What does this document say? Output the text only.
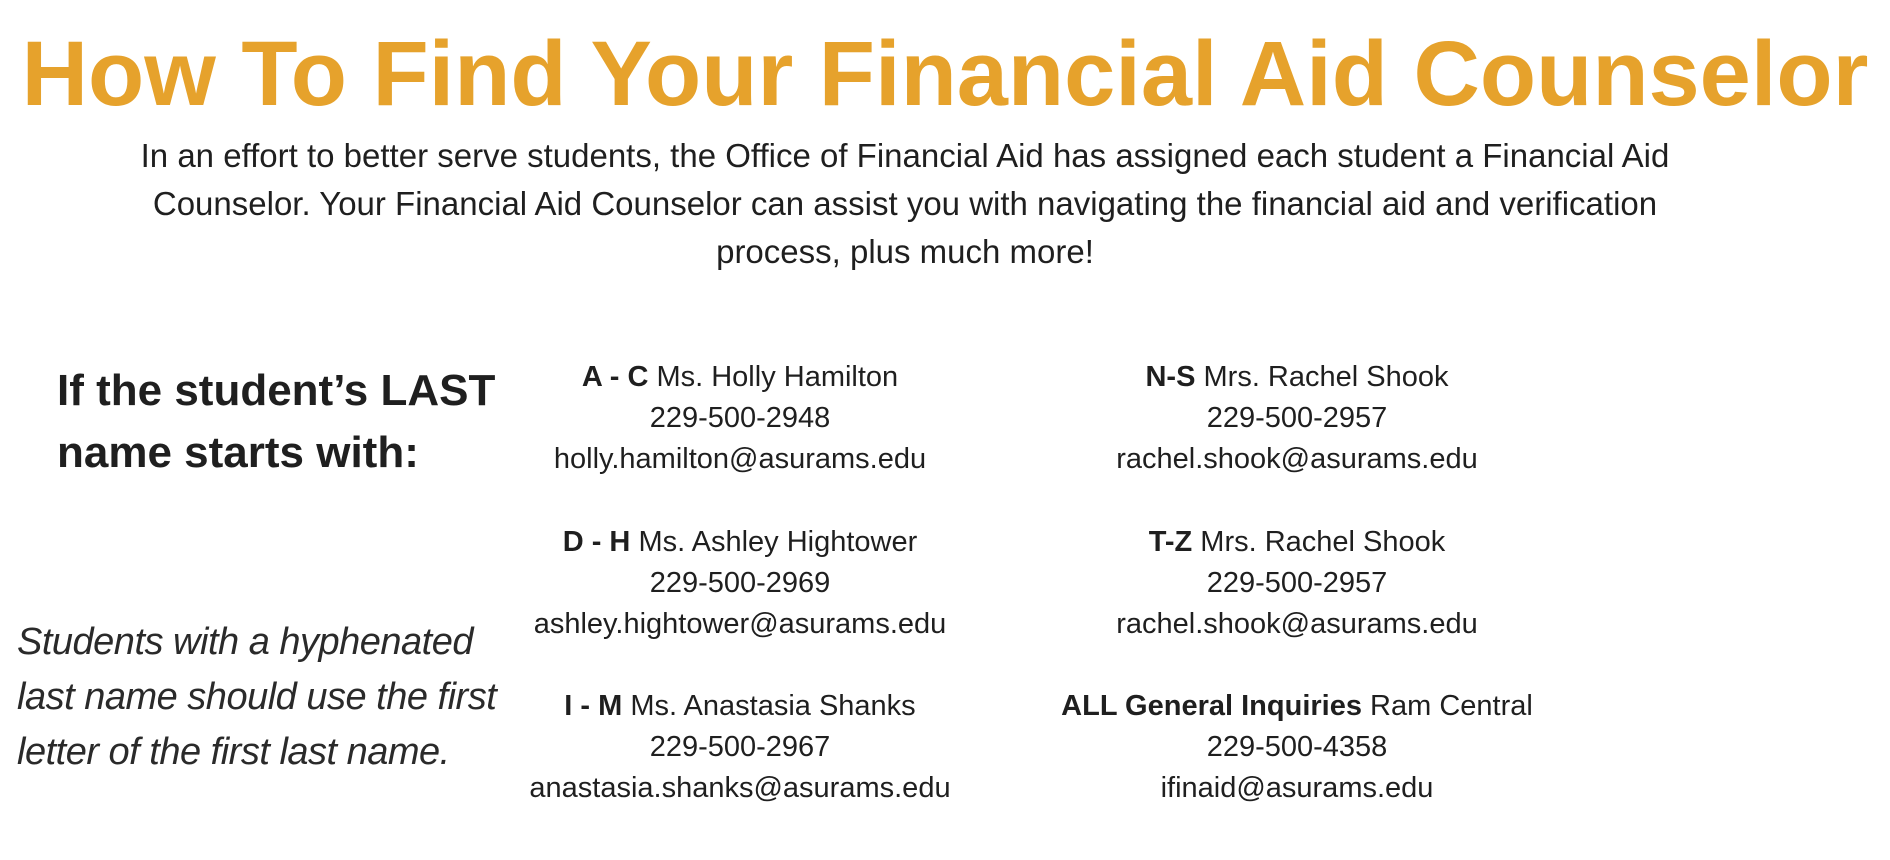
How To Find Your Financial Aid Counselor
In an effort to better serve students, the Office of Financial Aid has assigned each student a Financial Aid
Counselor. Your Financial Aid Counselor can assist you with navigating the financial aid and verification
process, plus much more!
If the student’s LAST
name starts with:
Students with a hyphenated
last name should use the first
letter of the first last name.
A - C Ms. Holly Hamilton
229-500-2948
holly.hamilton@asurams.edu
D - H Ms. Ashley Hightower
229-500-2969
ashley.hightower@asurams.edu
I - M Ms. Anastasia Shanks
229-500-2967
anastasia.shanks@asurams.edu
N-S Mrs. Rachel Shook
229-500-2957
rachel.shook@asurams.edu
T-Z Mrs. Rachel Shook
229-500-2957
rachel.shook@asurams.edu
ALL General Inquiries Ram Central
229-500-4358
ifinaid@asurams.edu
